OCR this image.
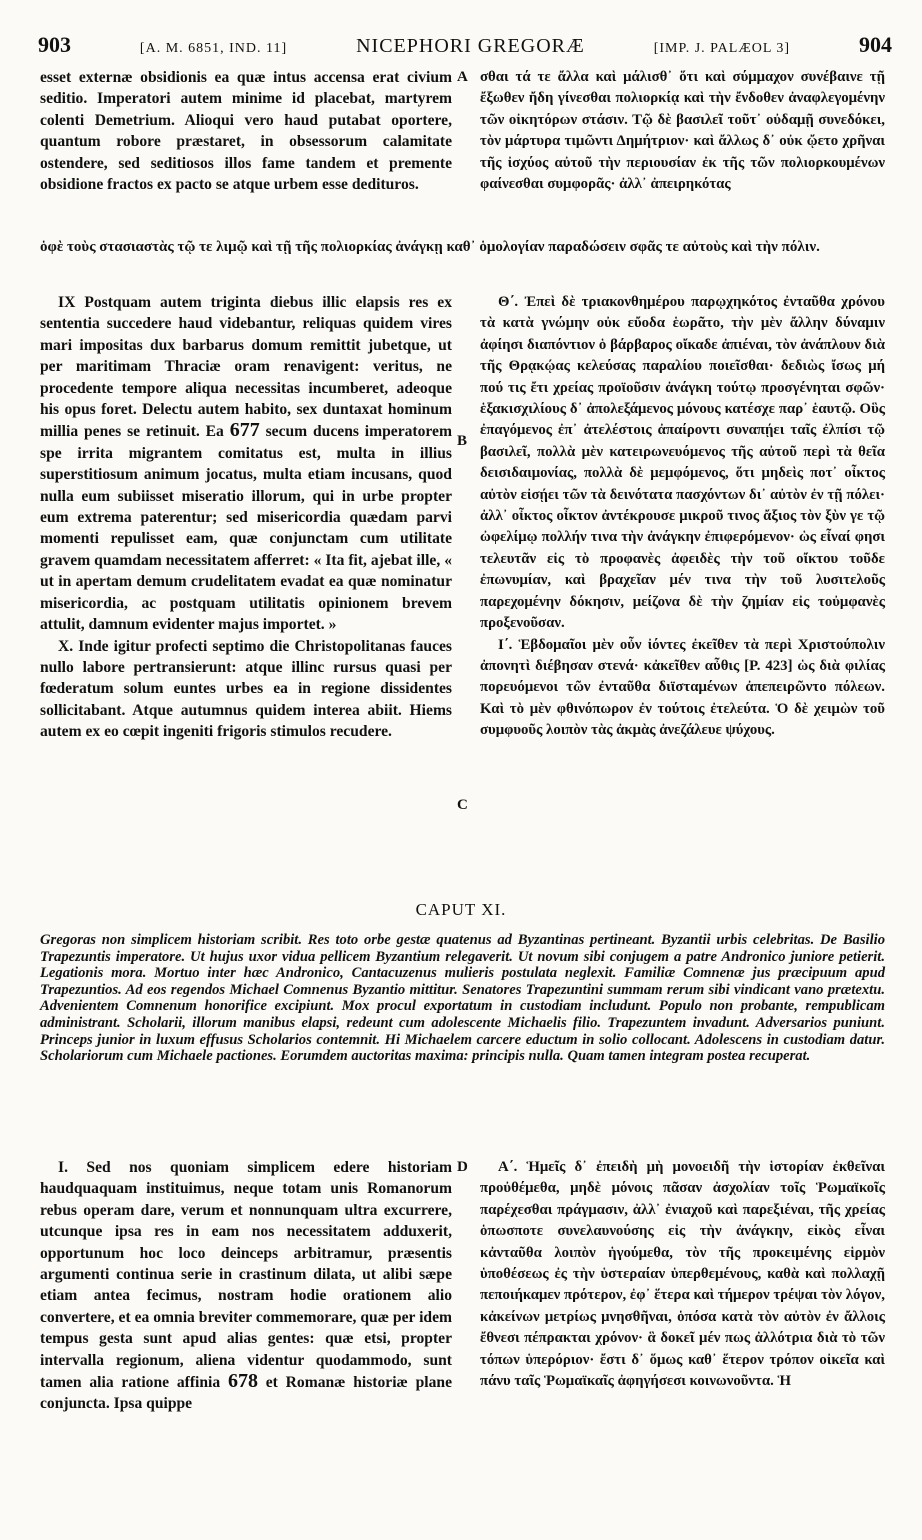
903	[A. M. 6851, IND. 11]	NICEPHORI GREGORÆ	[IMP. J. PALÆOL 3]	904

esset externæ obsidionis ea quæ intus accensa erat civium seditio. Imperatori autem minime id placebat, martyrem colenti Demetrium. Alioqui vero haud putabat oportere, quantum robore præstaret, in obsessorum calamitate ostendere, sed seditiosos illos fame tandem et premente obsidione fractos ex pacto se atque urbem esse dedituros.

σθαι τά τε ἄλλα καὶ μάλισθ᾽ ὅτι καὶ σύμμαχον συνέβαινε τῇ ἔξωθεν ἤδη γίνεσθαι πολιορκίᾳ καὶ τὴν ἔνδοθεν ἀναφλεγομένην τῶν οἰκητόρων στάσιν. Τῷ δὲ βασιλεῖ τοῦτ᾽ οὐδαμῇ συνεδόκει, τὸν μάρτυρα τιμῶντι Δημήτριον· καὶ ἄλλως δ᾽ οὐκ ᾤετο χρῆναι τῆς ἰσχύος αὐτοῦ τὴν περιουσίαν ἐκ τῆς τῶν πολιορκουμένων φαίνεσθαι συμφορᾶς· ἀλλ᾽ ἀπειρηκότας

ὁφὲ τοὺς στασιαστὰς τῷ τε λιμῷ καὶ τῇ τῆς πολιορκίας ἀνάγκῃ καθ᾽ ὁμολογίαν παραδώσειν σφᾶς τε αὐτοὺς καὶ τὴν πόλιν.

A

IX Postquam autem triginta diebus illic elapsis res ex sententia succedere haud videbantur, reliquas quidem vires mari impositas dux barbarus domum remittit jubetque, ut per maritimam Thraciæ oram renavigent: veritus, ne procedente tempore aliqua necessitas incumberet, adeoque his opus foret. Delectu autem habito, sex duntaxat hominum millia penes se retinuit. Ea 677 secum ducens imperatorem spe irrita migrantem comitatus est, multa in illius superstitiosum animum jocatus, multa etiam incusans, quod nulla eum subiisset miseratio illorum, qui in urbe propter eum extrema paterentur; sed misericordia quædam parvi momenti repulisset eam, quæ conjunctam cum utilitate gravem quamdam necessitatem afferret: « Ita fit, ajebat ille, « ut in apertam demum crudelitatem evadat ea quæ nominatur misericordia, ac postquam utilitatis opinionem brevem attulit, damnum evidenter majus importet. »

X. Inde igitur profecti septimo die Christopolitanas fauces nullo labore pertransierunt: atque illinc rursus quasi per fœderatum solum euntes urbes ea in regione dissidentes sollicitabant. Atque autumnus quidem interea abiit. Hiems autem ex eo cœpit ingeniti frigoris stimulos recudere.

Θ΄. Ἐπεὶ δὲ τριακονθημέρου παρῳχηκότος ἐνταῦθα χρόνου τὰ κατὰ γνώμην οὐκ εὔοδα ἑωρᾶτο, τὴν μὲν ἄλλην δύναμιν ἀφίησι διαπόντιον ὁ βάρβαρος οἴκαδε ἀπιέναι, τὸν ἀνάπλουν διὰ τῆς Θρᾳκῴας κελεύσας παραλίου ποιεῖσθαι· δεδιὼς ἴσως μή πού τις ἔτι χρείας προϊοῦσιν ἀνάγκη τούτῳ προσγένηται σφῶν· ἑξακισχιλίους δ᾽ ἀπολεξάμενος μόνους κατέσχε παρ᾽ ἑαυτῷ. Οὓς ἐπαγόμενος ἐπ᾽ ἀτελέστοις ἀπαίροντι συναπῄει ταῖς ἐλπίσι τῷ βασιλεῖ, πολλὰ μὲν κατειρωνευόμενος τῆς αὐτοῦ περὶ τὰ θεῖα δεισιδαιμονίας, πολλὰ δὲ μεμφόμενος, ὅτι μηδεὶς ποτ᾽ οἶκτος αὐτὸν εἰσῄει τῶν τὰ δεινότατα πασχόντων δι᾽ αὐτὸν ἐν τῇ πόλει· ἀλλ᾽ οἶκτος οἶκτον ἀντέκρουσε μικροῦ τινος ἄξιος τὸν ξὺν γε τῷ ὠφελίμῳ πολλήν τινα τὴν ἀνάγκην ἐπιφερόμενον· ὡς εἶναί φησι τελευτᾶν εἰς τὸ προφανὲς ἀφειδὲς τὴν τοῦ οἴκτου τοῦδε ἐπωνυμίαν, καὶ βραχεῖαν μέν τινα τὴν τοῦ λυσιτελοῦς παρεχομένην δόκησιν, μείζονα δὲ τὴν ζημίαν εἰς τοὐμφανὲς προξενοῦσαν.

Ι΄. Ἑβδομαῖοι μὲν οὖν ἰόντες ἐκεῖθεν τὰ περὶ Χριστούπολιν ἀπονητὶ διέβησαν στενά· κἀκεῖθεν αὖθις [P. 423] ὡς διὰ φιλίας πορευόμενοι τῶν ἐνταῦθα διϊσταμένων ἀπεπειρῶντο πόλεων. Καὶ τὸ μὲν φθινόπωρον ἐν τούτοις ἐτελεύτα. Ὁ δὲ χειμὼν τοῦ συμφυοῦς λοιπὸν τὰς ἀκμὰς ἀνεζάλευε ψύχους.

B
C
CAPUT XI.
Gregoras non simplicem historiam scribit. Res toto orbe gestæ quatenus ad Byzantinas pertineant. Byzantii urbis celebritas. De Basilio Trapezuntis imperatore. Ut hujus uxor vidua pellicem Byzantium relegaverit. Ut novum sibi conjugem a patre Andronico juniore petierit. Legationis mora. Mortuo inter hæc Andronico, Cantacuzenus mulieris postulata neglexit. Familiæ Comnenæ jus præcipuum apud Trapezuntios. Ad eos regendos Michael Comnenus Byzantio mittitur. Senatores Trapezuntini summam rerum sibi vindicant vano prætextu. Advenientem Comnenum honorifice excipiunt. Mox procul exportatum in custodiam includunt. Populo non probante, rempublicam administrant. Scholarii, illorum manibus elapsi, redeunt cum adolescente Michaelis filio. Trapezuntem invadunt. Adversarios puniunt. Princeps junior in luxum effusus Scholarios contemnit. Hi Michaelem carcere eductum in solio collocant. Adolescens in custodiam datur. Scholariorum cum Michaele pactiones. Eorumdem auctoritas maxima: principis nulla. Quam tamen integram postea recuperat.

I. Sed nos quoniam simplicem edere historiam haudquaquam instituimus, neque totam unis Romanorum rebus operam dare, verum et nonnunquam ultra excurrere, utcunque ipsa res in eam nos necessitatem adduxerit, opportunum hoc loco deinceps arbitramur, præsentis argumenti continua serie in crastinum dilata, ut alibi sæpe etiam antea fecimus, nostram hodie orationem alio convertere, et ea omnia breviter commemorare, quæ per idem tempus gesta sunt apud alias gentes: quæ etsi, propter intervalla regionum, aliena videntur quodammodo, sunt tamen alia ratione affinia 678 et Romanæ historiæ plane conjuncta. Ipsa quippe

Α΄. Ἡμεῖς δ᾽ ἐπειδὴ μὴ μονοειδῆ τὴν ἱστορίαν ἐκθεῖναι προὐθέμεθα, μηδὲ μόνοις πᾶσαν ἀσχολίαν τοῖς Ῥωμαϊκοῖς παρέχεσθαι πράγμασιν, ἀλλ᾽ ἐνιαχοῦ καὶ παρεξιέναι, τῆς χρείας ὁπωσποτε συνελαυνούσης εἰς τὴν ἀνάγκην, εἰκὸς εἶναι κἀνταῦθα λοιπὸν ἡγούμεθα, τὸν τῆς προκειμένης εἱρμὸν ὑποθέσεως ἐς τὴν ὑστεραίαν ὑπερθεμένους, καθὰ καὶ πολλαχῇ πεποιήκαμεν πρότερον, ἐφ᾽ ἕτερα καὶ τήμερον τρέψαι τὸν λόγον, κἀκείνων μετρίως μνησθῆναι, ὁπόσα κατὰ τὸν αὐτὸν ἐν ἄλλοις ἔθνεσι πέπρακται χρόνον· ἃ δοκεῖ μέν πως ἀλλότρια διὰ τὸ τῶν τόπων ὑπερόριον· ἔστι δ᾽ ὅμως καθ᾽ ἕτερον τρόπον οἰκεῖα καὶ πάνυ ταῖς Ῥωμαϊκαῖς ἀφηγήσεσι κοινωνοῦντα. Ἡ

D
